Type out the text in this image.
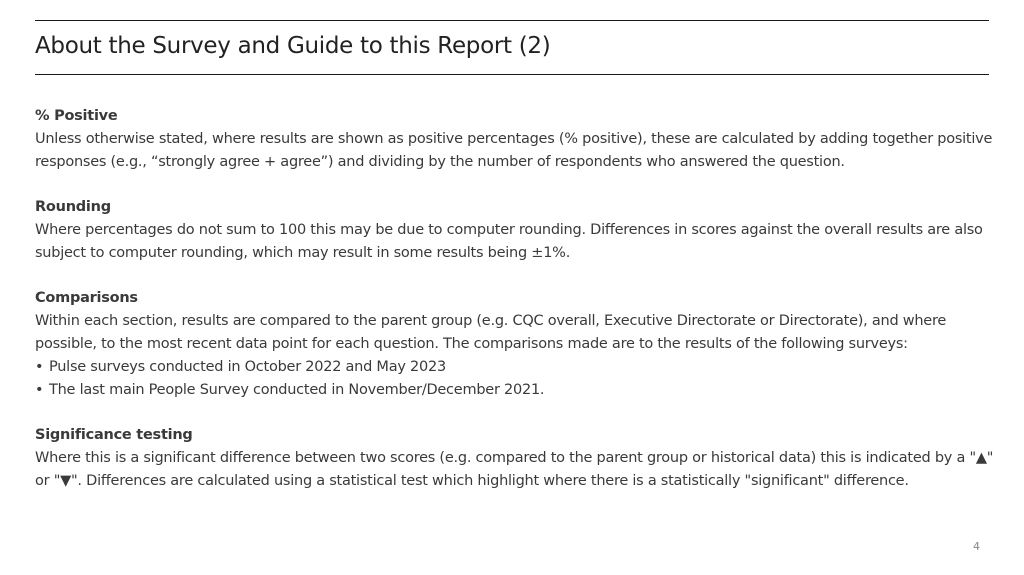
About the Survey and Guide to this Report (2)

% Positive

Unless otherwise stated, where results are shown as positive percentages (% positive), these are calculated by adding together positive responses (e.g., “strongly agree + agree”) and dividing by the number of respondents who answered the question.

Rounding

Where percentages do not sum to 100 this may be due to computer rounding. Differences in scores against the overall results are also subject to computer rounding, which may result in some results being ±1%.

Comparisons

Within each section, results are compared to the parent group (e.g. CQC overall, Executive Directorate or Directorate), and where possible, to the most recent data point for each question. The comparisons made are to the results of the following surveys:

• Pulse surveys conducted in October 2022 and May 2023
• The last main People Survey conducted in November/December 2021.

Significance testing

Where this is a significant difference between two scores (e.g. compared to the parent group or historical data) this is indicated by a "▲" or "▼". Differences are calculated using a statistical test which highlight where there is a statistically "significant" difference.

4
